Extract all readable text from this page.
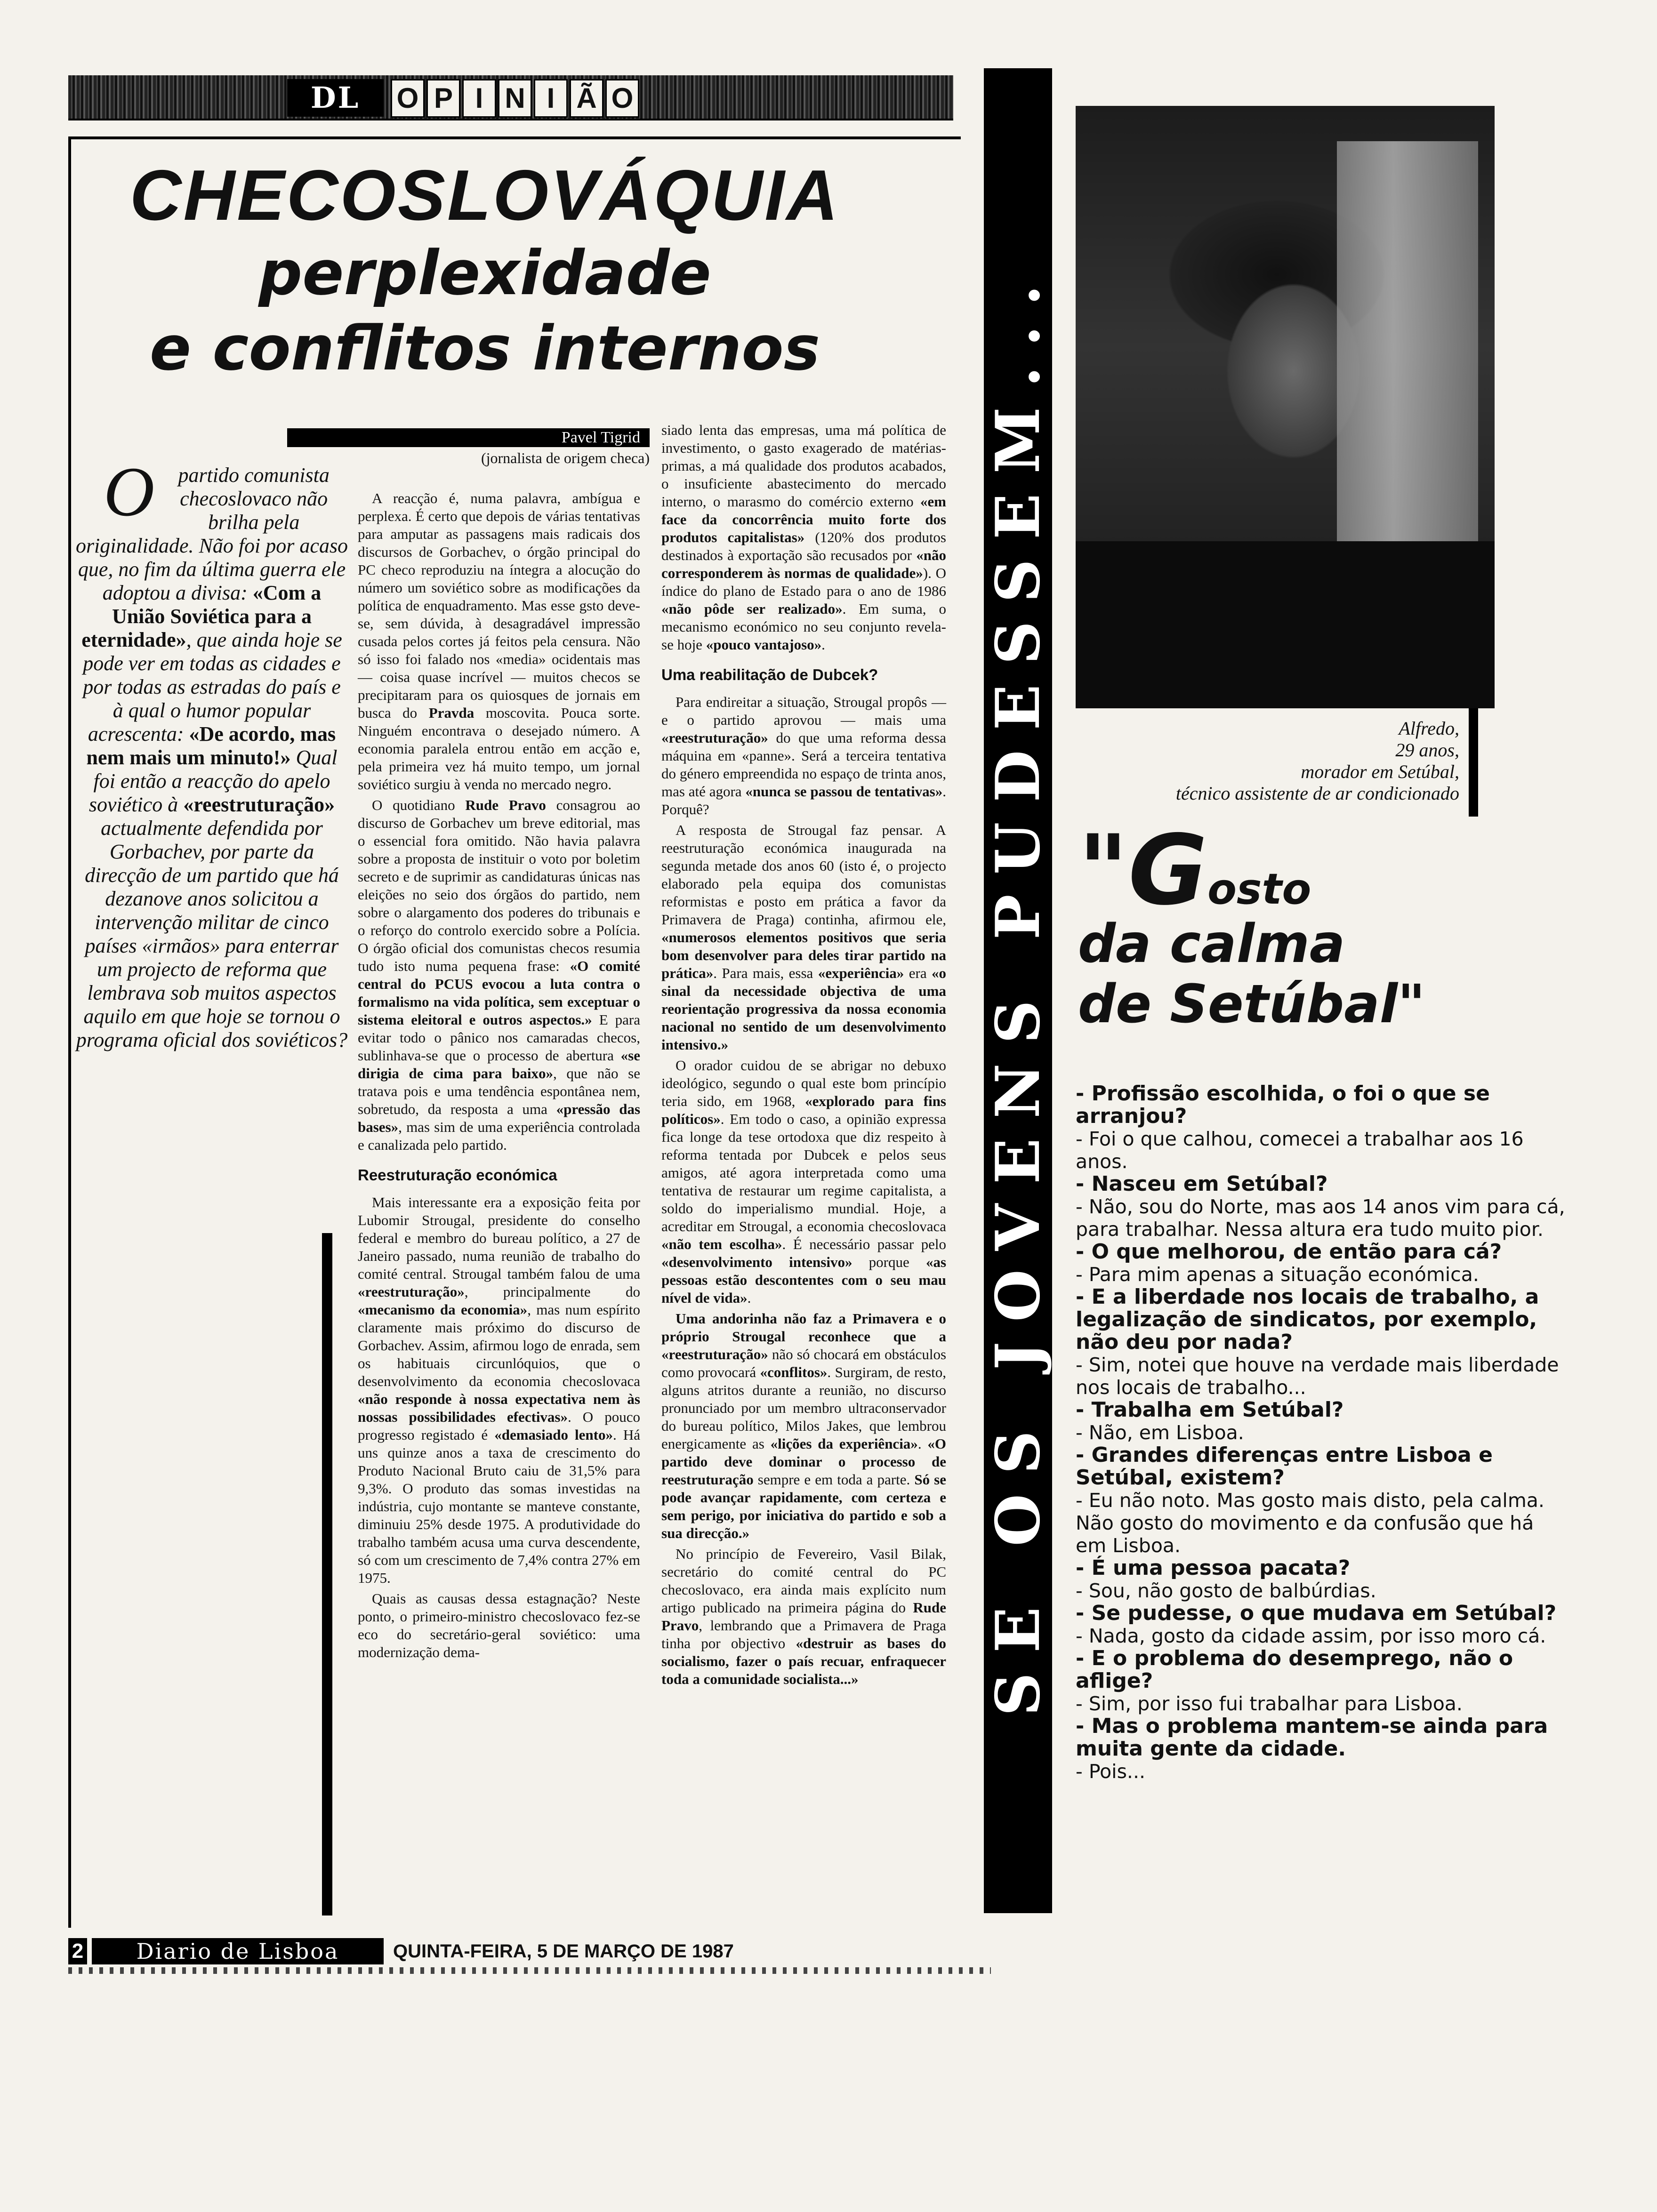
DL	O P I N I Ã O
CHECOSLOVÁQUIA
perplexidade
e conflitos internos
Pavel Tigrid
(jornalista de origem checa)
O partido comunista checoslovaco não brilha pela originalidade. Não foi por acaso que, no fim da última guerra ele adoptou a divisa: «Com a União Soviética para a eternidade», que ainda hoje se pode ver em todas as cidades e por todas as estradas do país e à qual o humor popular acrescenta: «De acordo, mas nem mais um minuto!» Qual foi então a reacção do apelo soviético à «reestruturação» actualmente defendida por Gorbachev, por parte da direcção de um partido que há dezanove anos solicitou a intervenção militar de cinco países «irmãos» para enterrar um projecto de reforma que lembrava sob muitos aspectos aquilo em que hoje se tornou o programa oficial dos soviéticos?

A reacção é, numa palavra, ambígua e perplexa. É certo que depois de várias tentativas para amputar as passagens mais radicais dos discursos de Gorbachev, o órgão principal do PC checo reproduziu na íntegra a alocução do número um soviético sobre as modificações da política de enquadramento. Mas esse gsto deve-se, sem dúvida, à desagradável impressão cusada pelos cortes já feitos pela censura. Não só isso foi falado nos «media» ocidentais mas — coisa quase incrível — muitos checos se precipitaram para os quiosques de jornais em busca do Pravda moscovita. Pouca sorte. Ninguém encontrava o desejado número. A economia paralela entrou então em acção e, pela primeira vez há muito tempo, um jornal soviético surgiu à venda no mercado negro.

O quotidiano Rude Pravo consagrou ao discurso de Gorbachev um breve editorial, mas o essencial fora omitido. Não havia palavra sobre a proposta de instituir o voto por boletim secreto e de suprimir as candidaturas únicas nas eleições no seio dos órgãos do partido, nem sobre o alargamento dos poderes do tribunais e o reforço do controlo exercido sobre a Polícia. O órgão oficial dos comunistas checos resumia tudo isto numa pequena frase: «O comité central do PCUS evocou a luta contra o formalismo na vida política, sem exceptuar o sistema eleitoral e outros aspectos.» E para evitar todo o pânico nos camaradas checos, sublinhava-se que o processo de abertura «se dirigia de cima para baixo», que não se tratava pois e uma tendência espontânea nem, sobretudo, da resposta a uma «pressão das bases», mas sim de uma experiência controlada e canalizada pelo partido.

Reestruturação económica

Mais interessante era a exposição feita por Lubomir Strougal, presidente do conselho federal e membro do bureau político, a 27 de Janeiro passado, numa reunião de trabalho do comité central. Strougal também falou de uma «reestruturação», principalmente do «mecanismo da economia», mas num espírito claramente mais próximo do discurso de Gorbachev. Assim, afirmou logo de enrada, sem os habituais circunlóquios, que o desenvolvimento da economia checoslovaca «não responde à nossa expectativa nem às nossas possibilidades efectivas». O pouco progresso registado é «demasiado lento». Há uns quinze anos a taxa de crescimento do Produto Nacional Bruto caiu de 31,5% para 9,3%. O produto das somas investidas na indústria, cujo montante se manteve constante, diminuiu 25% desde 1975. A produtividade do trabalho também acusa uma curva descendente, só com um crescimento de 7,4% contra 27% em 1975.

Quais as causas dessa estagnação? Neste ponto, o primeiro-ministro checoslovaco fez-se eco do secretário-geral soviético: uma modernização dema-

siado lenta das empresas, uma má política de investimento, o gasto exagerado de matérias-primas, a má qualidade dos produtos acabados, o insuficiente abastecimento do mercado interno, o marasmo do comércio externo «em face da concorrência muito forte dos produtos capitalistas» (120% dos produtos destinados à exportação são recusados por «não corresponderem às normas de qualidade»). O índice do plano de Estado para o ano de 1986 «não pôde ser realizado». Em suma, o mecanismo económico no seu conjunto revela-se hoje «pouco vantajoso».

Uma reabilitação de Dubcek?

Para endireitar a situação, Strougal propôs — e o partido aprovou — mais uma «reestruturação» do que uma reforma dessa máquina em «panne». Será a terceira tentativa do género empreendida no espaço de trinta anos, mas até agora «nunca se passou de tentativas». Porquê?

A resposta de Strougal faz pensar. A reestruturação económica inaugurada na segunda metade dos anos 60 (isto é, o projecto elaborado pela equipa dos comunistas reformistas e posto em prática a favor da Primavera de Praga) continha, afirmou ele, «numerosos elementos positivos que seria bom desenvolver para deles tirar partido na prática». Para mais, essa «experiência» era «o sinal da necessidade objectiva de uma reorientação progressiva da nossa economia nacional no sentido de um desenvolvimento intensivo.»

O orador cuidou de se abrigar no debuxo ideológico, segundo o qual este bom princípio teria sido, em 1968, «explorado para fins políticos». Em todo o caso, a opinião expressa fica longe da tese ortodoxa que diz respeito à reforma tentada por Dubcek e pelos seus amigos, até agora interpretada como uma tentativa de restaurar um regime capitalista, a soldo do imperialismo mundial. Hoje, a acreditar em Strougal, a economia checoslovaca «não tem escolha». É necessário passar pelo «desenvolvimento intensivo» porque «as pessoas estão descontentes com o seu mau nível de vida».

Uma andorinha não faz a Primavera e o próprio Strougal reconhece que a «reestruturação» não só chocará em obstáculos como provocará «conflitos». Surgiram, de resto, alguns atritos durante a reunião, no discurso pronunciado por um membro ultraconservador do bureau político, Milos Jakes, que lembrou energicamente as «lições da experiência». «O partido deve dominar o processo de reestruturação sempre e em toda a parte. Só se pode avançar rapidamente, com certeza e sem perigo, por iniciativa do partido e sob a sua direcção.»

No princípio de Fevereiro, Vasil Bilak, secretário do comité central do PC checoslovaco, era ainda mais explícito num artigo publicado na primeira página do Rude Pravo, lembrando que a Primavera de Praga tinha por objectivo «destruir as bases do socialismo, fazer o país recuar, enfraquecer toda a comunidade socialista...»

2	Diario de Lisboa	QUINTA-FEIRA, 5 DE MARÇO DE 1987
SE OS JOVENS PUDESSEM...	Alfredo,
29 anos,
morador em Setúbal,
técnico assistente de ar condicionado
"Gosto
da calma
de Setúbal"
- Profissão escolhida, o foi o que se arranjou?
- Foi o que calhou, comecei a trabalhar aos 16 anos.
- Nasceu em Setúbal?
- Não, sou do Norte, mas aos 14 anos vim para cá, para trabalhar. Nessa altura era tudo muito pior.
- O que melhorou, de então para cá?
- Para mim apenas a situação económica.
- E a liberdade nos locais de trabalho, a legalização de sindicatos, por exemplo, não deu por nada?
- Sim, notei que houve na verdade mais liberdade nos locais de trabalho...
- Trabalha em Setúbal?
- Não, em Lisboa.
- Grandes diferenças entre Lisboa e Setúbal, existem?
- Eu não noto. Mas gosto mais disto, pela calma. Não gosto do movimento e da confusão que há em Lisboa.
- É uma pessoa pacata?
- Sou, não gosto de balbúrdias.
- Se pudesse, o que mudava em Setúbal?
- Nada, gosto da cidade assim, por isso moro cá.
- E o problema do desemprego, não o aflige?
- Sim, por isso fui trabalhar para Lisboa.
- Mas o problema mantem-se ainda para muita gente da cidade.
- Pois...
